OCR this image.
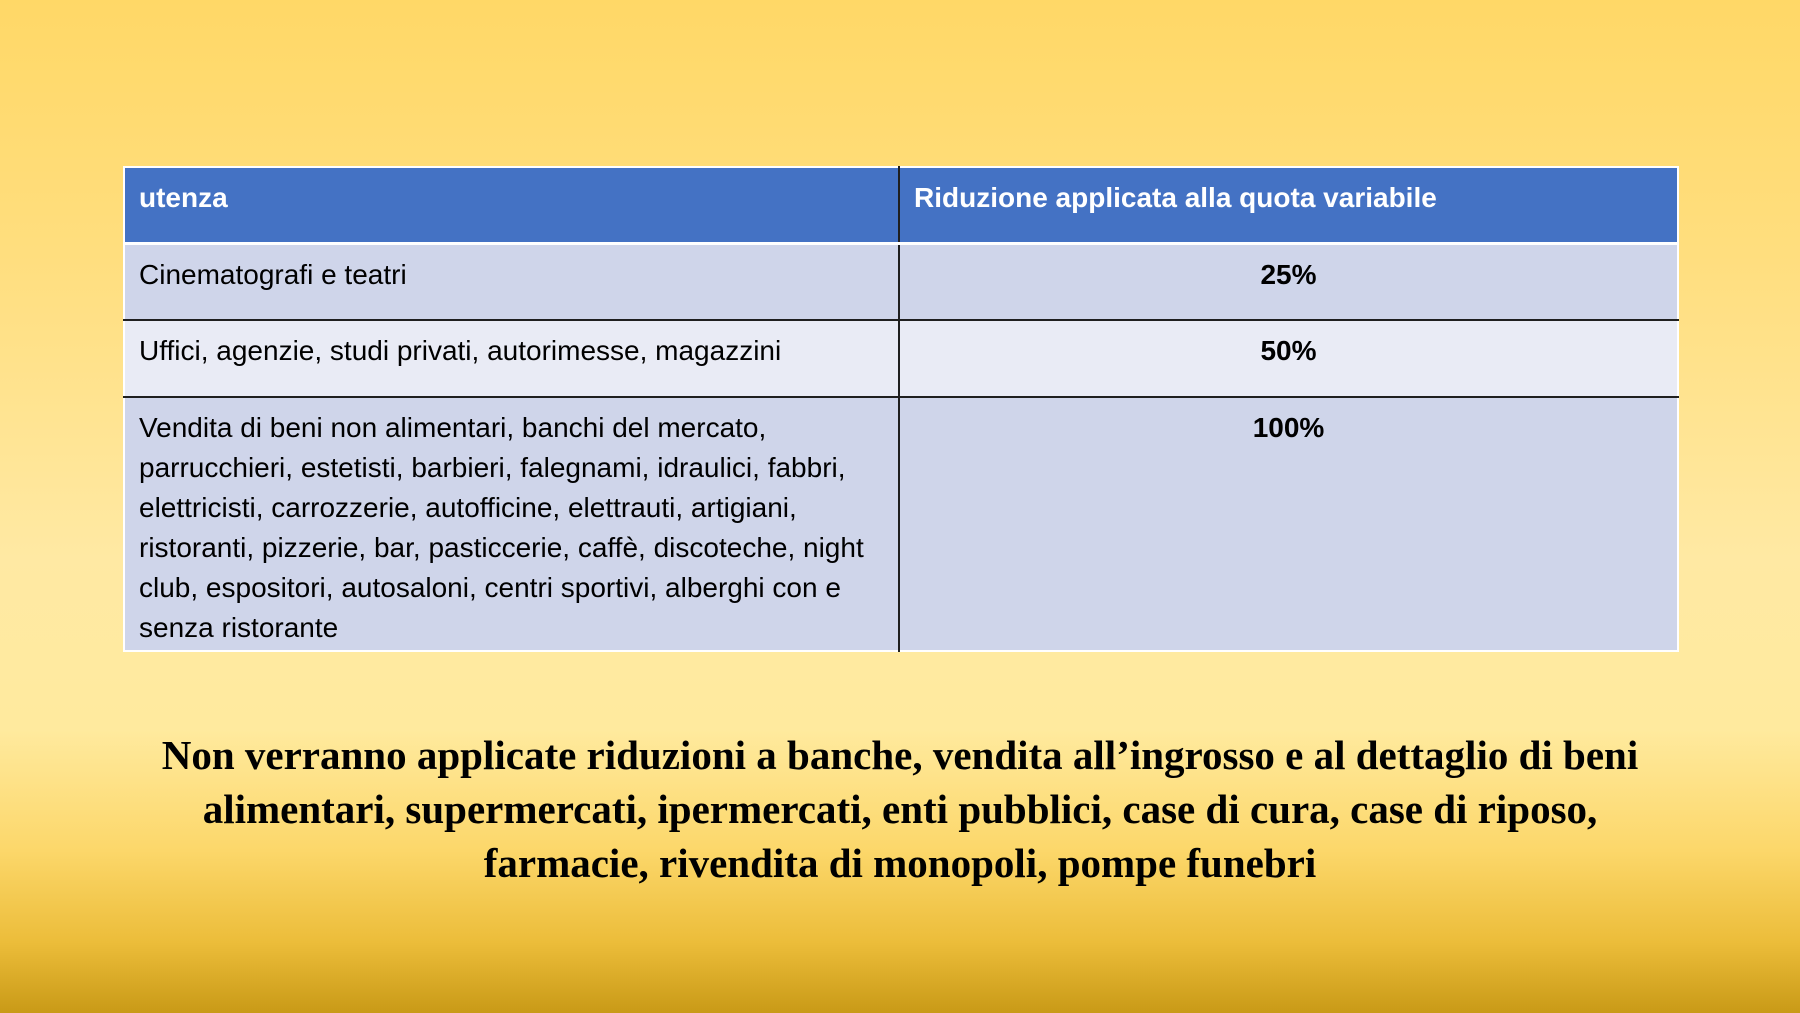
utenza	Riduzione applicata alla quota variabile
Cinematografi e teatri	25%
Uffici, agenzie, studi privati, autorimesse, magazzini	50%
Vendita di beni non alimentari, banchi del mercato, parrucchieri, estetisti, barbieri, falegnami, idraulici, fabbri, elettricisti, carrozzerie, autofficine, elettrauti, artigiani, ristoranti, pizzerie, bar, pasticcerie, caffè, discoteche, night club, espositori, autosaloni, centri sportivi, alberghi con e senza ristorante	100%

Non verranno applicate riduzioni a banche, vendita all’ingrosso e al dettaglio di beni alimentari, supermercati, ipermercati, enti pubblici, case di cura, case di riposo, farmacie, rivendita di monopoli, pompe funebri
